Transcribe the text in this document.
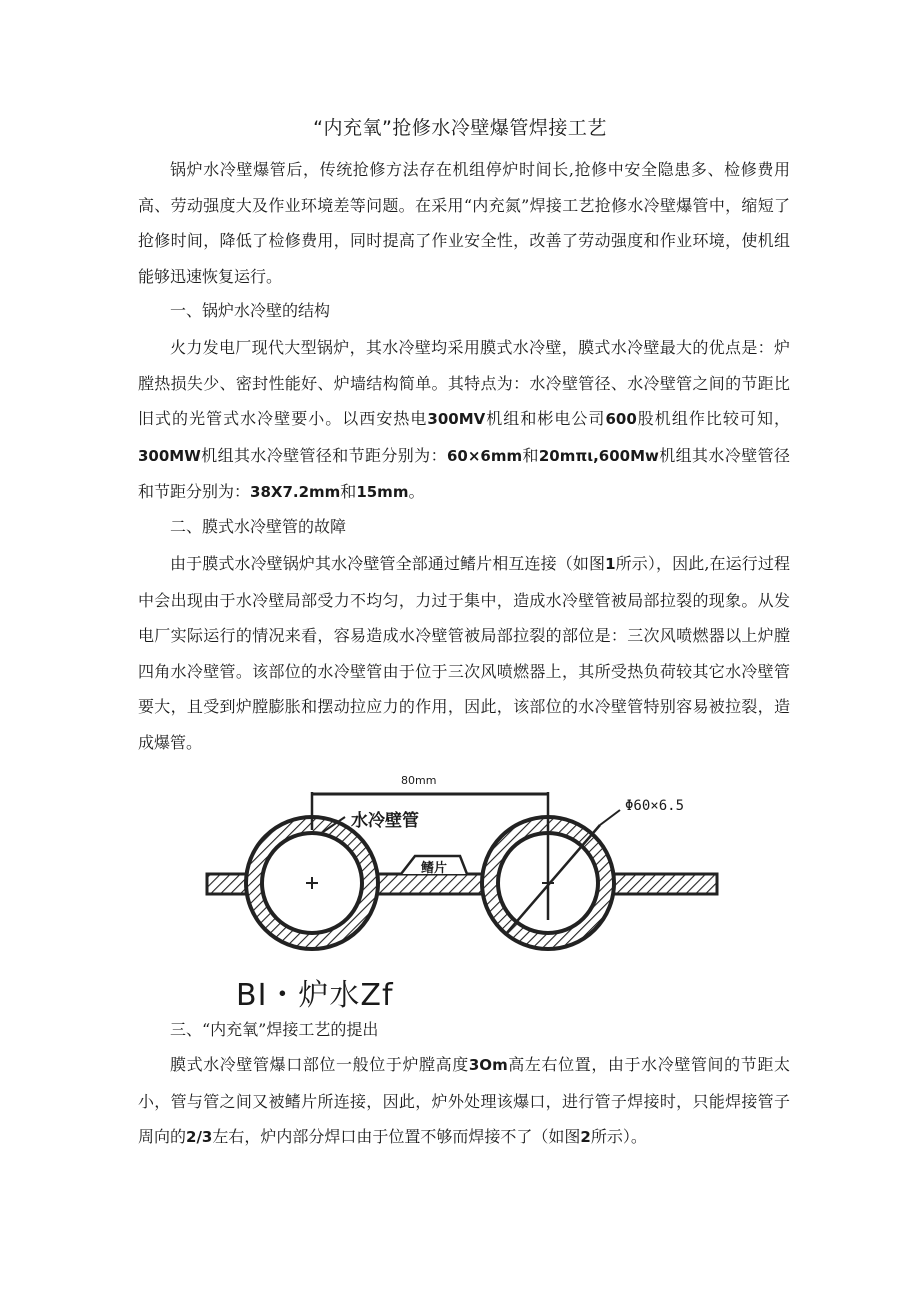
“内充氧”抢修水冷壁爆管焊接工艺

锅炉水冷壁爆管后，传统抢修方法存在机组停炉时间长,抢修中安全隐患多、检修费用高、劳动强度大及作业环境差等问题。在采用“内充氮”焊接工艺抢修水冷壁爆管中，缩短了抢修时间，降低了检修费用，同时提高了作业安全性，改善了劳动强度和作业环境，使机组能够迅速恢复运行。

一、锅炉水冷壁的结构

火力发电厂现代大型锅炉，其水冷壁均采用膜式水冷壁，膜式水冷壁最大的优点是：炉膛热损失少、密封性能好、炉墙结构简单。其特点为：水冷壁管径、水冷壁管之间的节距比旧式的光管式水冷壁要小。以西安热电300MV机组和彬电公司600股机组作比较可知，300MW机组其水冷壁管径和节距分别为：60×6mm和20mπι,600Mw机组其水冷壁管径和节距分别为：38X7.2mm和15mm。

二、膜式水冷壁管的故障

由于膜式水冷壁锅炉其水冷壁管全部通过鳍片相互连接（如图1所示），因此,在运行过程中会出现由于水冷壁局部受力不均匀，力过于集中，造成水冷壁管被局部拉裂的现象。从发电厂实际运行的情况来看，容易造成水冷壁管被局部拉裂的部位是：三次风喷燃器以上炉膛四角水冷壁管。该部位的水冷壁管由于位于三次风喷燃器上，其所受热负荷较其它水冷壁管要大，且受到炉膛膨胀和摆动拉应力的作用，因此，该部位的水冷壁管特别容易被拉裂，造成爆管。

80mm
水冷壁管
鳍片
Φ60×6.5
BI・炉水Zf

三、“内充氧”焊接工艺的提出

膜式水冷壁管爆口部位一般位于炉膛高度3Om高左右位置，由于水冷壁管间的节距太小，管与管之间又被鳍片所连接，因此，炉外处理该爆口，进行管子焊接时，只能焊接管子周向的2/3左右，炉内部分焊口由于位置不够而焊接不了（如图2所示）。
